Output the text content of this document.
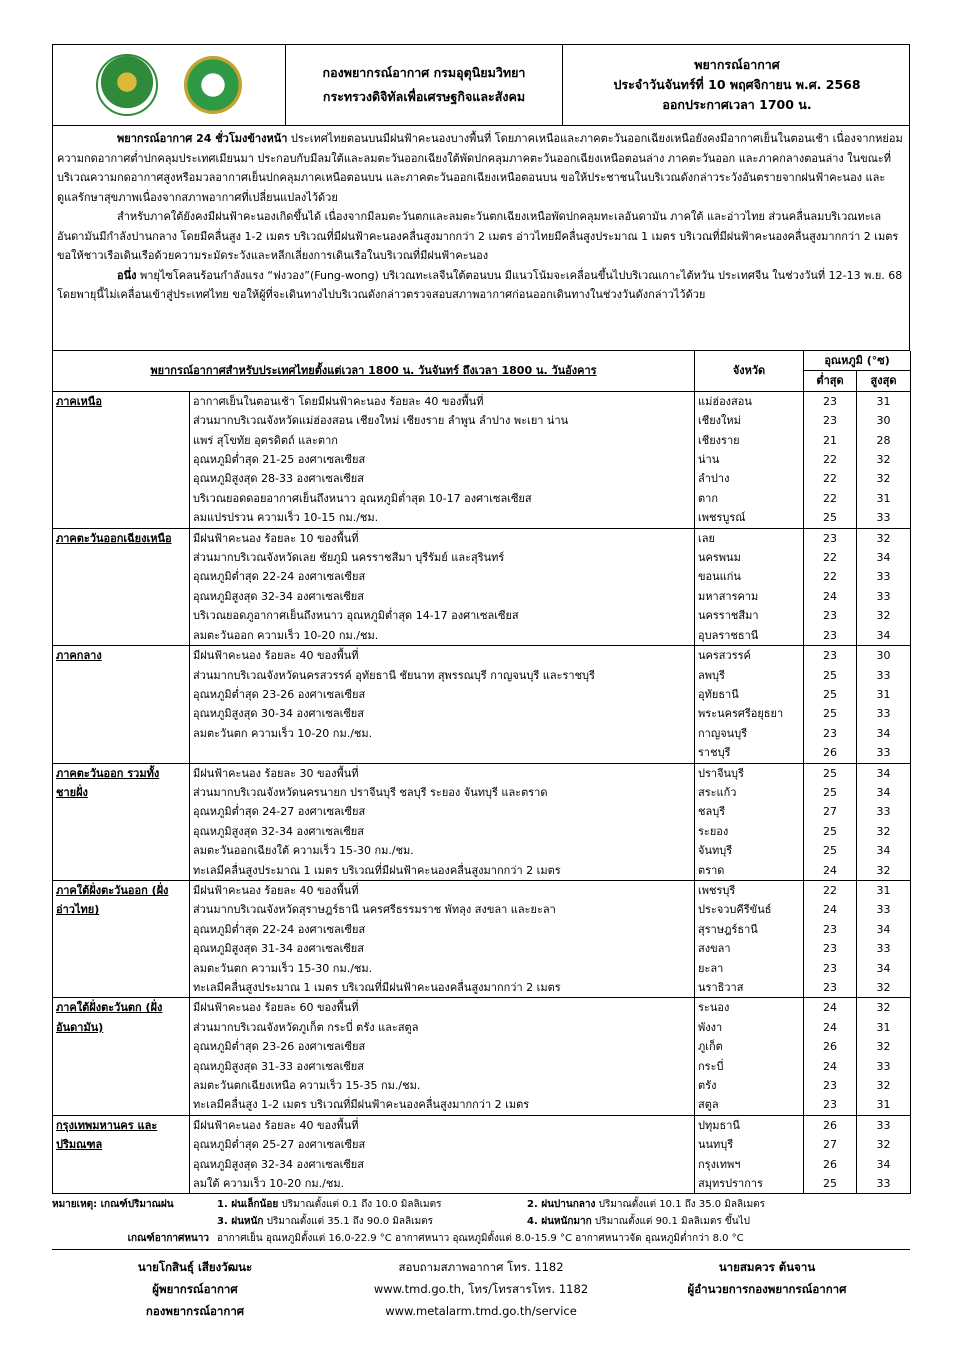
กองพยากรณ์อากาศ กรมอุตุนิยมวิทยา
กระทรวงดิจิทัลเพื่อเศรษฐกิจและสังคม
พยากรณ์อากาศ
ประจำวันจันทร์ที่ 10 พฤศจิกายน พ.ศ. 2568
ออกประกาศเวลา 1700 น.

พยากรณ์อากาศ 24 ชั่วโมงข้างหน้า ประเทศไทยตอนบนมีฝนฟ้าคะนองบางพื้นที่ โดยภาคเหนือและภาคตะวันออกเฉียงเหนือยังคงมีอากาศเย็นในตอนเช้า เนื่องจากหย่อมความกดอากาศต่ำปกคลุมประเทศเมียนมา ประกอบกับมีลมใต้และลมตะวันออกเฉียงใต้พัดปกคลุมภาคตะวันออกเฉียงเหนือตอนล่าง ภาคตะวันออก และภาคกลางตอนล่าง ในขณะที่บริเวณความกดอากาศสูงหรือมวลอากาศเย็นปกคลุมภาคเหนือตอนบน และภาคตะวันออกเฉียงเหนือตอนบน ขอให้ประชาชนในบริเวณดังกล่าวระวังอันตรายจากฝนฟ้าคะนอง และดูแลรักษาสุขภาพเนื่องจากสภาพอากาศที่เปลี่ยนแปลงไว้ด้วย

สำหรับภาคใต้ยังคงมีฝนฟ้าคะนองเกิดขึ้นได้ เนื่องจากมีลมตะวันตกและลมตะวันตกเฉียงเหนือพัดปกคลุมทะเลอันดามัน ภาคใต้ และอ่าวไทย ส่วนคลื่นลมบริเวณทะเลอันดามันมีกำลังปานกลาง โดยมีคลื่นสูง 1-2 เมตร บริเวณที่มีฝนฟ้าคะนองคลื่นสูงมากกว่า 2 เมตร อ่าวไทยมีคลื่นสูงประมาณ 1 เมตร บริเวณที่มีฝนฟ้าคะนองคลื่นสูงมากกว่า 2 เมตร ขอให้ชาวเรือเดินเรือด้วยความระมัดระวังและหลีกเลี่ยงการเดินเรือในบริเวณที่มีฝนฟ้าคะนอง

อนึ่ง พายุไซโคลนร้อนกำลังแรง “ฟงวอง”(Fung-wong) บริเวณทะเลจีนใต้ตอนบน มีแนวโน้มจะเคลื่อนขึ้นไปบริเวณเกาะไต้หวัน ประเทศจีน ในช่วงวันที่ 12-13 พ.ย. 68 โดยพายุนี้ไม่เคลื่อนเข้าสู่ประเทศไทย ขอให้ผู้ที่จะเดินทางไปบริเวณดังกล่าวตรวจสอบสภาพอากาศก่อนออกเดินทางในช่วงวันดังกล่าวไว้ด้วย

พยากรณ์อากาศสำหรับประเทศไทยตั้งแต่เวลา 1800 น. วันจันทร์ ถึงเวลา 1800 น. วันอังคาร		จังหวัด	อุณหภูมิ (°ซ)	
			ต่ำสุด	สูงสุด
ภาคเหนือ	อากาศเย็นในตอนเช้า โดยมีฝนฟ้าคะนอง ร้อยละ 40 ของพื้นที่	แม่ฮ่องสอน	23	31
	ส่วนมากบริเวณจังหวัดแม่ฮ่องสอน เชียงใหม่ เชียงราย ลำพูน ลำปาง พะเยา น่าน	เชียงใหม่	23	30
	แพร่ สุโขทัย อุตรดิตถ์ และตาก	เชียงราย	21	28
	อุณหภูมิต่ำสุด 21-25 องศาเซลเซียส	น่าน	22	32
	อุณหภูมิสูงสุด 28-33 องศาเซลเซียส	ลำปาง	22	32
	บริเวณยอดดอยอากาศเย็นถึงหนาว อุณหภูมิต่ำสุด 10-17 องศาเซลเซียส	ตาก	22	31
	ลมแปรปรวน ความเร็ว 10-15 กม./ชม.	เพชรบูรณ์	25	33
ภาคตะวันออกเฉียงเหนือ	มีฝนฟ้าคะนอง ร้อยละ 10 ของพื้นที่	เลย	23	32
	ส่วนมากบริเวณจังหวัดเลย ชัยภูมิ นครราชสีมา บุรีรัมย์ และสุรินทร์	นครพนม	22	34
	อุณหภูมิต่ำสุด 22-24 องศาเซลเซียส	ขอนแก่น	22	33
	อุณหภูมิสูงสุด 32-34 องศาเซลเซียส	มหาสารคาม	24	33
	บริเวณยอดภูอากาศเย็นถึงหนาว อุณหภูมิต่ำสุด 14-17 องศาเซลเซียส	นครราชสีมา	23	32
	ลมตะวันออก ความเร็ว 10-20 กม./ชม.	อุบลราชธานี	23	34
ภาคกลาง	มีฝนฟ้าคะนอง ร้อยละ 40 ของพื้นที่	นครสวรรค์	23	30
	ส่วนมากบริเวณจังหวัดนครสวรรค์ อุทัยธานี ชัยนาท สุพรรณบุรี กาญจนบุรี และราชบุรี	ลพบุรี	25	33
	อุณหภูมิต่ำสุด 23-26 องศาเซลเซียส	อุทัยธานี	25	31
	อุณหภูมิสูงสุด 30-34 องศาเซลเซียส	พระนครศรีอยุธยา	25	33
	ลมตะวันตก ความเร็ว 10-20 กม./ชม.	กาญจนบุรี	23	34
		ราชบุรี	26	33
ภาคตะวันออก รวมทั้งชายฝั่ง	มีฝนฟ้าคะนอง ร้อยละ 30 ของพื้นที่	ปราจีนบุรี	25	34
	ส่วนมากบริเวณจังหวัดนครนายก ปราจีนบุรี ชลบุรี ระยอง จันทบุรี และตราด	สระแก้ว	25	34
	อุณหภูมิต่ำสุด 24-27 องศาเซลเซียส	ชลบุรี	27	33
	อุณหภูมิสูงสุด 32-34 องศาเซลเซียส	ระยอง	25	32
	ลมตะวันออกเฉียงใต้ ความเร็ว 15-30 กม./ชม.	จันทบุรี	25	34
	ทะเลมีคลื่นสูงประมาณ 1 เมตร บริเวณที่มีฝนฟ้าคะนองคลื่นสูงมากกว่า 2 เมตร	ตราด	24	32
ภาคใต้ฝั่งตะวันออก (ฝั่งอ่าวไทย)	มีฝนฟ้าคะนอง ร้อยละ 40 ของพื้นที่	เพชรบุรี	22	31
	ส่วนมากบริเวณจังหวัดสุราษฎร์ธานี นครศรีธรรมราช พัทลุง สงขลา และยะลา	ประจวบคีรีขันธ์	24	33
	อุณหภูมิต่ำสุด 22-24 องศาเซลเซียส	สุราษฎร์ธานี	23	34
	อุณหภูมิสูงสุด 31-34 องศาเซลเซียส	สงขลา	23	33
	ลมตะวันตก ความเร็ว 15-30 กม./ชม.	ยะลา	23	34
	ทะเลมีคลื่นสูงประมาณ 1 เมตร บริเวณที่มีฝนฟ้าคะนองคลื่นสูงมากกว่า 2 เมตร	นราธิวาส	23	32
ภาคใต้ฝั่งตะวันตก (ฝั่งอันดามัน)	มีฝนฟ้าคะนอง ร้อยละ 60 ของพื้นที่	ระนอง	24	32
	ส่วนมากบริเวณจังหวัดภูเก็ต กระบี่ ตรัง และสตูล	พังงา	24	31
	อุณหภูมิต่ำสุด 23-26 องศาเซลเซียส	ภูเก็ต	26	32
	อุณหภูมิสูงสุด 31-33 องศาเซลเซียส	กระบี่	24	33
	ลมตะวันตกเฉียงเหนือ ความเร็ว 15-35 กม./ชม.	ตรัง	23	32
	ทะเลมีคลื่นสูง 1-2 เมตร บริเวณที่มีฝนฟ้าคะนองคลื่นสูงมากกว่า 2 เมตร	สตูล	23	31
กรุงเทพมหานคร และปริมณฑล	มีฝนฟ้าคะนอง ร้อยละ 40 ของพื้นที่	ปทุมธานี	26	33
	อุณหภูมิต่ำสุด 25-27 องศาเซลเซียส	นนทบุรี	27	32
	อุณหภูมิสูงสุด 32-34 องศาเซลเซียส	กรุงเทพฯ	26	34
	ลมใต้ ความเร็ว 10-20 กม./ชม.	สมุทรปราการ	25	33
หมายเหตุ: เกณฑ์ปริมาณฝน	1. ฝนเล็กน้อย ปริมาณตั้งแต่ 0.1 ถึง 10.0 มิลลิเมตร	2. ฝนปานกลาง ปริมาณตั้งแต่ 10.1 ถึง 35.0 มิลลิเมตร
3. ฝนหนัก ปริมาณตั้งแต่ 35.1 ถึง 90.0 มิลลิเมตร	4. ฝนหนักมาก ปริมาณตั้งแต่ 90.1 มิลลิเมตร ขึ้นไป
เกณฑ์อากาศหนาว อากาศเย็น อุณหภูมิตั้งแต่ 16.0-22.9 °C อากาศหนาว อุณหภูมิตั้งแต่ 8.0-15.9 °C อากาศหนาวจัด อุณหภูมิต่ำกว่า 8.0 °C
นายโกสินธุ์ เสียงวัฒนะ
ผู้พยากรณ์อากาศ
กองพยากรณ์อากาศ
สอบถามสภาพอากาศ โทร. 1182
www.tmd.go.th, โทร/โทรสารโทร. 1182
www.metalarm.tmd.go.th/service
นายสมควร ต้นจาน
ผู้อำนวยการกองพยากรณ์อากาศ
